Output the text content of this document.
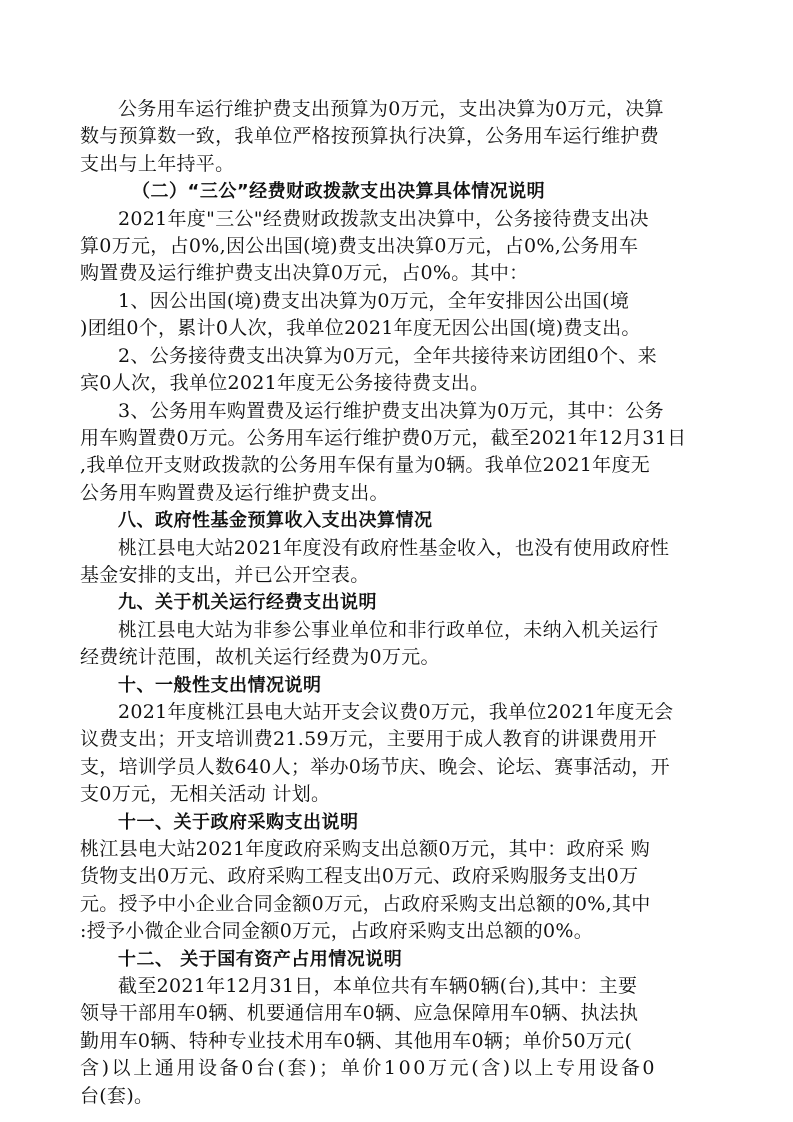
公务用车运行维护费支出预算为0万元，支出决算为0万元，决算
数与预算数一致，我单位严格按预算执行决算，公务用车运行维护费
支出与上年持平。
（二）“三公”经费财政拨款支出决算具体情况说明
2021年度"三公"经费财政拨款支出决算中，公务接待费支出决
算0万元，占0%,因公出国(境)费支出决算0万元，占0%,公务用车
购置费及运行维护费支出决算0万元，占0%。其中：
1、因公出国(境)费支出决算为0万元，全年安排因公出国(境
)团组0个，累计0人次，我单位2021年度无因公出国(境)费支出。
2、公务接待费支出决算为0万元，全年共接待来访团组0个、来
宾0人次，我单位2021年度无公务接待费支出。
3、公务用车购置费及运行维护费支出决算为0万元，其中：公务
用车购置费0万元。公务用车运行维护费0万元，截至2021年12月31日
,我单位开支财政拨款的公务用车保有量为0辆。我单位2021年度无
公务用车购置费及运行维护费支出。
八、政府性基金预算收入支出决算情况
桃江县电大站2021年度没有政府性基金收入，也没有使用政府性
基金安排的支出，并已公开空表。
九、关于机关运行经费支出说明
桃江县电大站为非参公事业单位和非行政单位，未纳入机关运行
经费统计范围，故机关运行经费为0万元。
十、一般性支出情况说明
2021年度桃江县电大站开支会议费0万元，我单位2021年度无会
议费支出；开支培训费21.59万元，主要用于成人教育的讲课费用开
支，培训学员人数640人；举办0场节庆、晚会、论坛、赛事活动，开
支0万元，无相关活动 计划。
十一、关于政府采购支出说明
桃江县电大站2021年度政府采购支出总额0万元，其中：政府采 购
货物支出0万元、政府采购工程支出0万元、政府采购服务支出0万
元。授予中小企业合同金额0万元，占政府采购支出总额的0%,其中
:授予小微企业合同金额0万元，占政府采购支出总额的0%。
十二、 关于国有资产占用情况说明
截至2021年12月31日，本单位共有车辆0辆(台),其中：主要
领导干部用车0辆、机要通信用车0辆、应急保障用车0辆、执法执
勤用车0辆、特种专业技术用车0辆、其他用车0辆；单价50万元(
含)以上通用设备0台(套)；单价100万元(含)以上专用设备0
台(套)。
